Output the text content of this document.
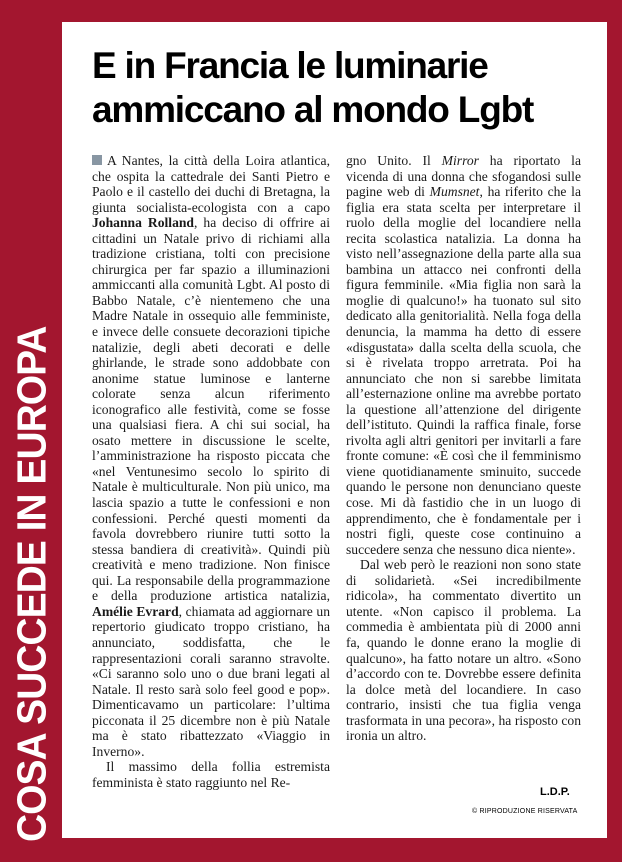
COSA SUCCEDE IN EUROPA
E in Francia le luminarie ammiccano al mondo Lgbt

A Nantes, la città della Loira atlantica, che ospita la cattedrale dei Santi Pietro e Paolo e il castello dei duchi di Bretagna, la giunta socialista-ecologista con a capo Johanna Rolland, ha deciso di offrire ai cittadini un Natale privo di richiami alla tradizione cristiana, tolti con precisione chirurgica per far spazio a illuminazioni ammiccanti alla comunità Lgbt. Al posto di Babbo Natale, c’è nientemeno che una Madre Natale in ossequio alle femministe, e invece delle consuete decorazioni tipiche natalizie, degli abeti decorati e delle ghirlande, le strade sono addobbate con anonime statue luminose e lanterne colorate senza alcun riferimento iconografico alle festività, come se fosse una qualsiasi fiera. A chi sui social, ha osato mettere in discussione le scelte, l’amministrazione ha risposto piccata che «nel Ventunesimo secolo lo spirito di Natale è multiculturale. Non più unico, ma lascia spazio a tutte le confessioni e non confessioni. Perché questi momenti da favola dovrebbero riunire tutti sotto la stessa bandiera di creatività». Quindi più creatività e meno tradizione. Non finisce qui. La responsabile della programmazione e della produzione artistica natalizia, Amélie Evrard, chiamata ad aggiornare un repertorio giudicato troppo cristiano, ha annunciato, soddisfatta, che le rappresentazioni corali saranno stravolte. «Ci saranno solo uno o due brani legati al Natale. Il resto sarà solo feel good e pop». Dimenticavamo un particolare: l’ultima picconata il 25 dicembre non è più Natale ma è stato ribattezzato «Viaggio in Inverno».

Il massimo della follia estremista femminista è stato raggiunto nel Re-

gno Unito. Il Mirror ha riportato la vicenda di una donna che sfogandosi sulle pagine web di Mumsnet, ha riferito che la figlia era stata scelta per interpretare il ruolo della moglie del locandiere nella recita scolastica natalizia. La donna ha visto nell’assegnazione della parte alla sua bambina un attacco nei confronti della figura femminile. «Mia figlia non sarà la moglie di qualcuno!» ha tuonato sul sito dedicato alla genitorialità. Nella foga della denuncia, la mamma ha detto di essere «disgustata» dalla scelta della scuola, che si è rivelata troppo arretrata. Poi ha annunciato che non si sarebbe limitata all’esternazione online ma avrebbe portato la questione all’attenzione del dirigente dell’istituto. Quindi la raffica finale, forse rivolta agli altri genitori per invitarli a fare fronte comune: «È così che il femminismo viene quotidianamente sminuito, succede quando le persone non denunciano queste cose. Mi dà fastidio che in un luogo di apprendimento, che è fondamentale per i nostri figli, queste cose continuino a succedere senza che nessuno dica niente».

Dal web però le reazioni non sono state di solidarietà. «Sei incredibilmente ridicola», ha commentato divertito un utente. «Non capisco il problema. La commedia è ambientata più di 2000 anni fa, quando le donne erano la moglie di qualcuno», ha fatto notare un altro. «Sono d’accordo con te. Dovrebbe essere definita la dolce metà del locandiere. In caso contrario, insisti che tua figlia venga trasformata in una pecora», ha risposto con ironia un altro.

L.D.P.
© RIPRODUZIONE RISERVATA
